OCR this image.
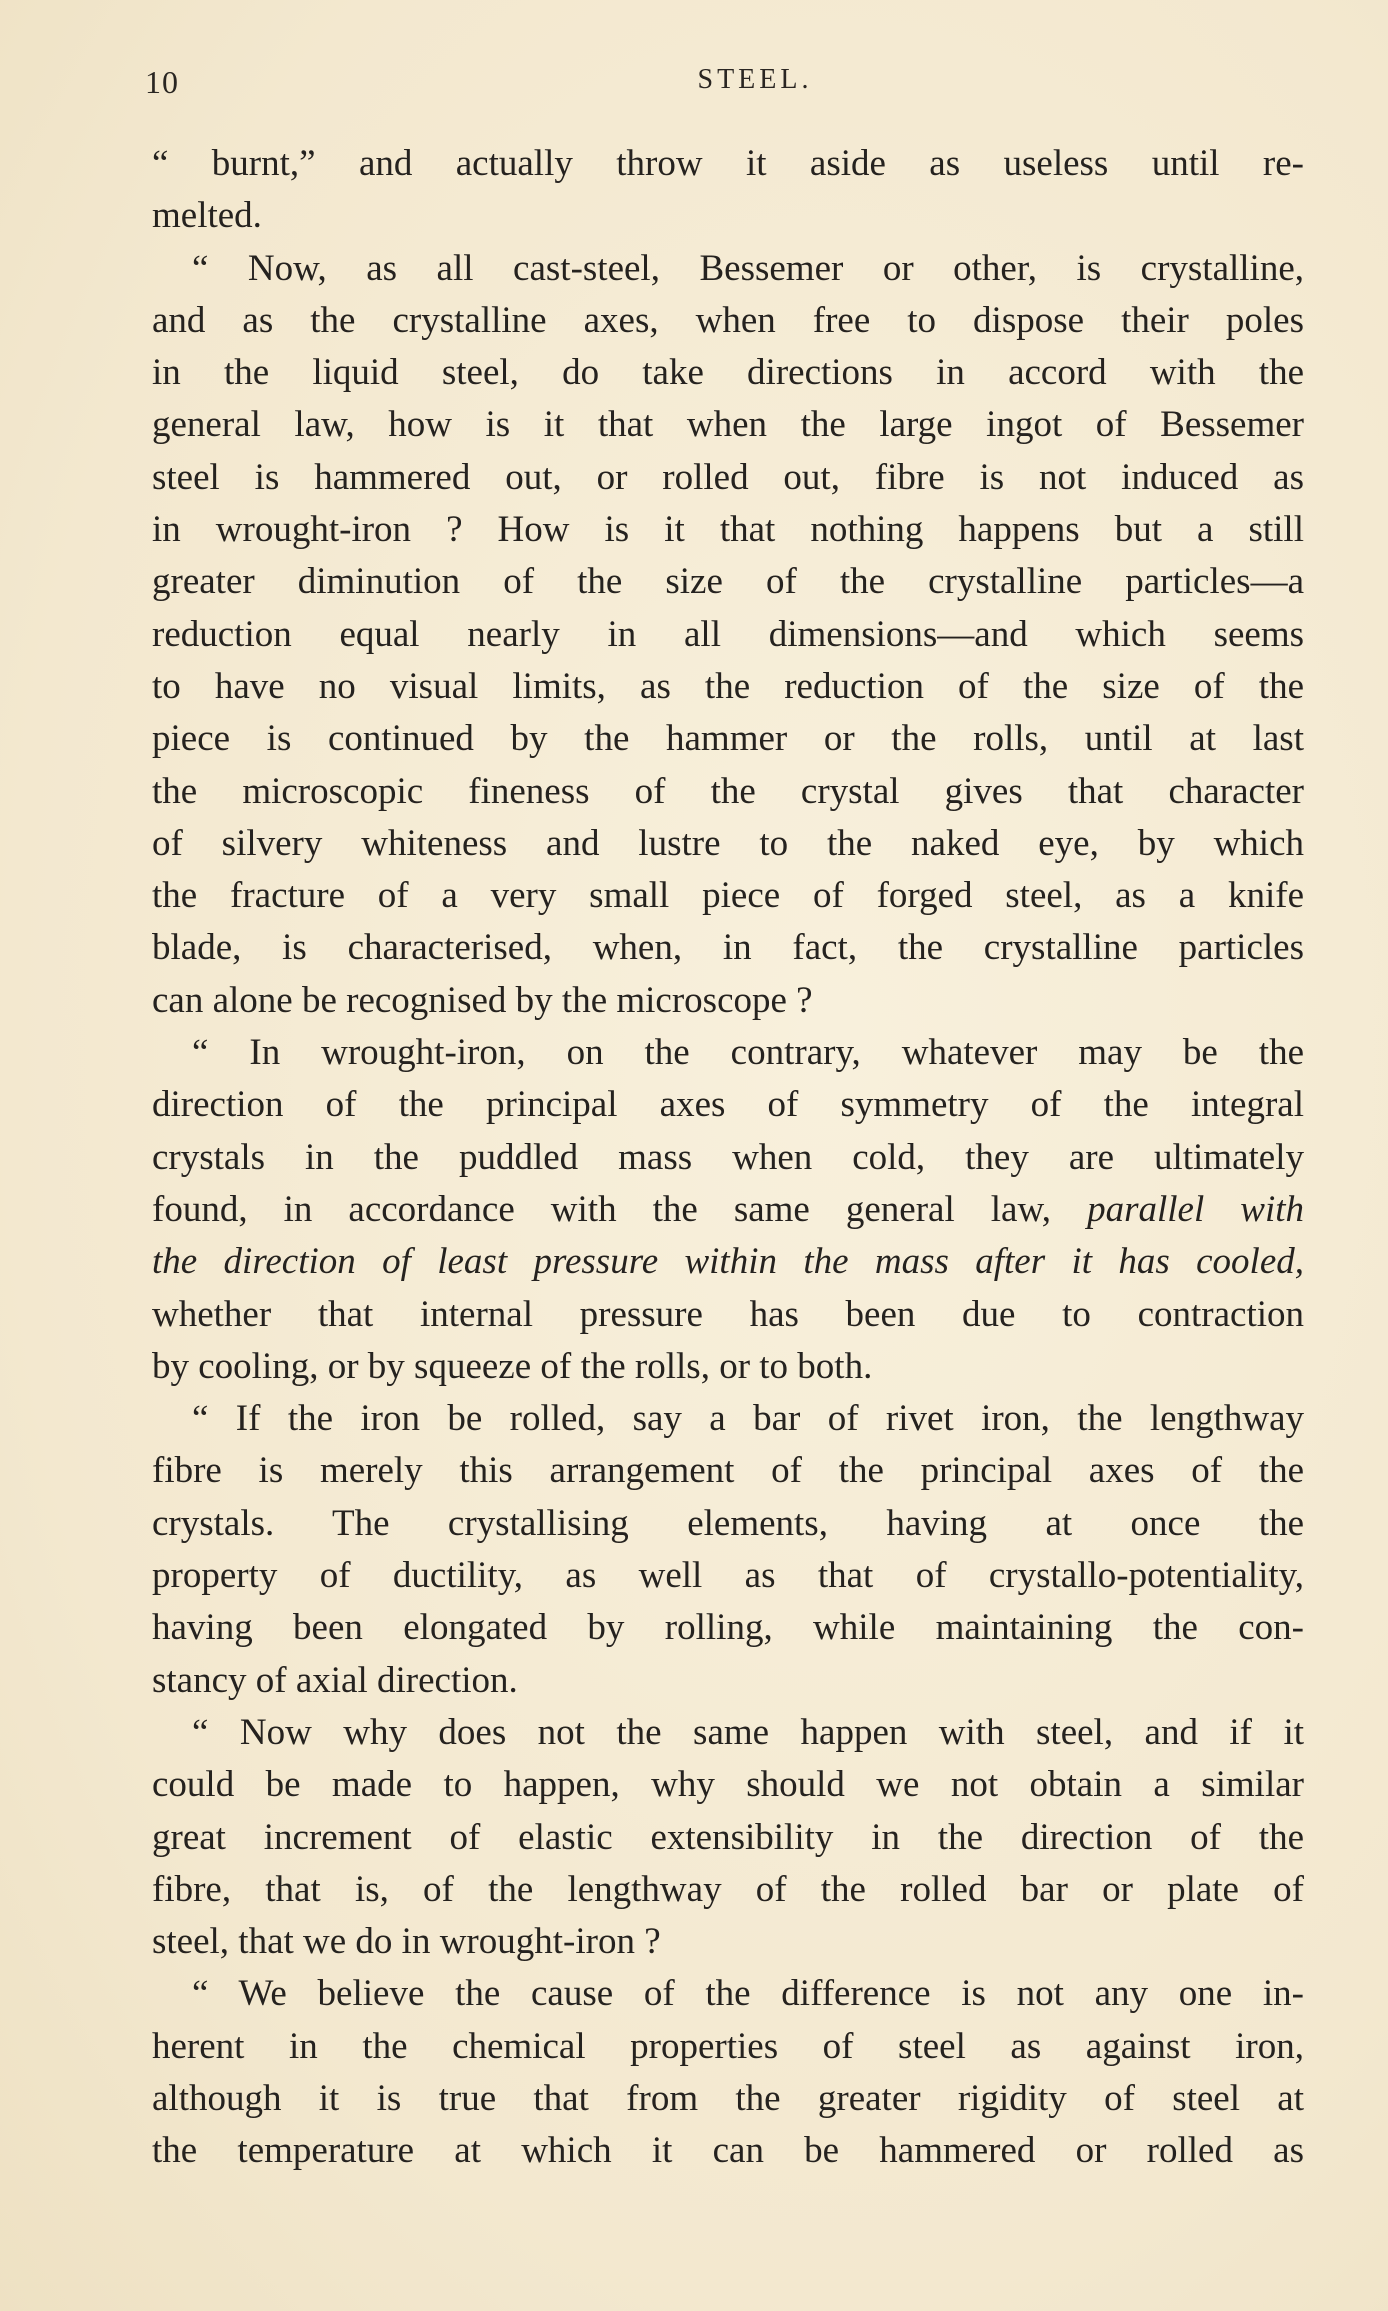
10	STEEL.
“ burnt,” and actually throw it aside as useless until re-
melted.
“ Now, as all cast-steel, Bessemer or other, is crystalline,
and as the crystalline axes, when free to dispose their poles
in the liquid steel, do take directions in accord with the
general law, how is it that when the large ingot of Bessemer
steel is hammered out, or rolled out, fibre is not induced as
in wrought-iron ? How is it that nothing happens but a still
greater diminution of the size of the crystalline particles—a
reduction equal nearly in all dimensions—and which seems
to have no visual limits, as the reduction of the size of the
piece is continued by the hammer or the rolls, until at last
the microscopic fineness of the crystal gives that character
of silvery whiteness and lustre to the naked eye, by which
the fracture of a very small piece of forged steel, as a knife
blade, is characterised, when, in fact, the crystalline particles
can alone be recognised by the microscope ?
“ In wrought-iron, on the contrary, whatever may be the
direction of the principal axes of symmetry of the integral
crystals in the puddled mass when cold, they are ultimately
found, in accordance with the same general law, parallel with
the direction of least pressure within the mass after it has cooled,
whether that internal pressure has been due to contraction
by cooling, or by squeeze of the rolls, or to both.
“ If the iron be rolled, say a bar of rivet iron, the lengthway
fibre is merely this arrangement of the principal axes of the
crystals. The crystallising elements, having at once the
property of ductility, as well as that of crystallo-potentiality,
having been elongated by rolling, while maintaining the con-
stancy of axial direction.
“ Now why does not the same happen with steel, and if it
could be made to happen, why should we not obtain a similar
great increment of elastic extensibility in the direction of the
fibre, that is, of the lengthway of the rolled bar or plate of
steel, that we do in wrought-iron ?
“ We believe the cause of the difference is not any one in-
herent in the chemical properties of steel as against iron,
although it is true that from the greater rigidity of steel at
the temperature at which it can be hammered or rolled as
